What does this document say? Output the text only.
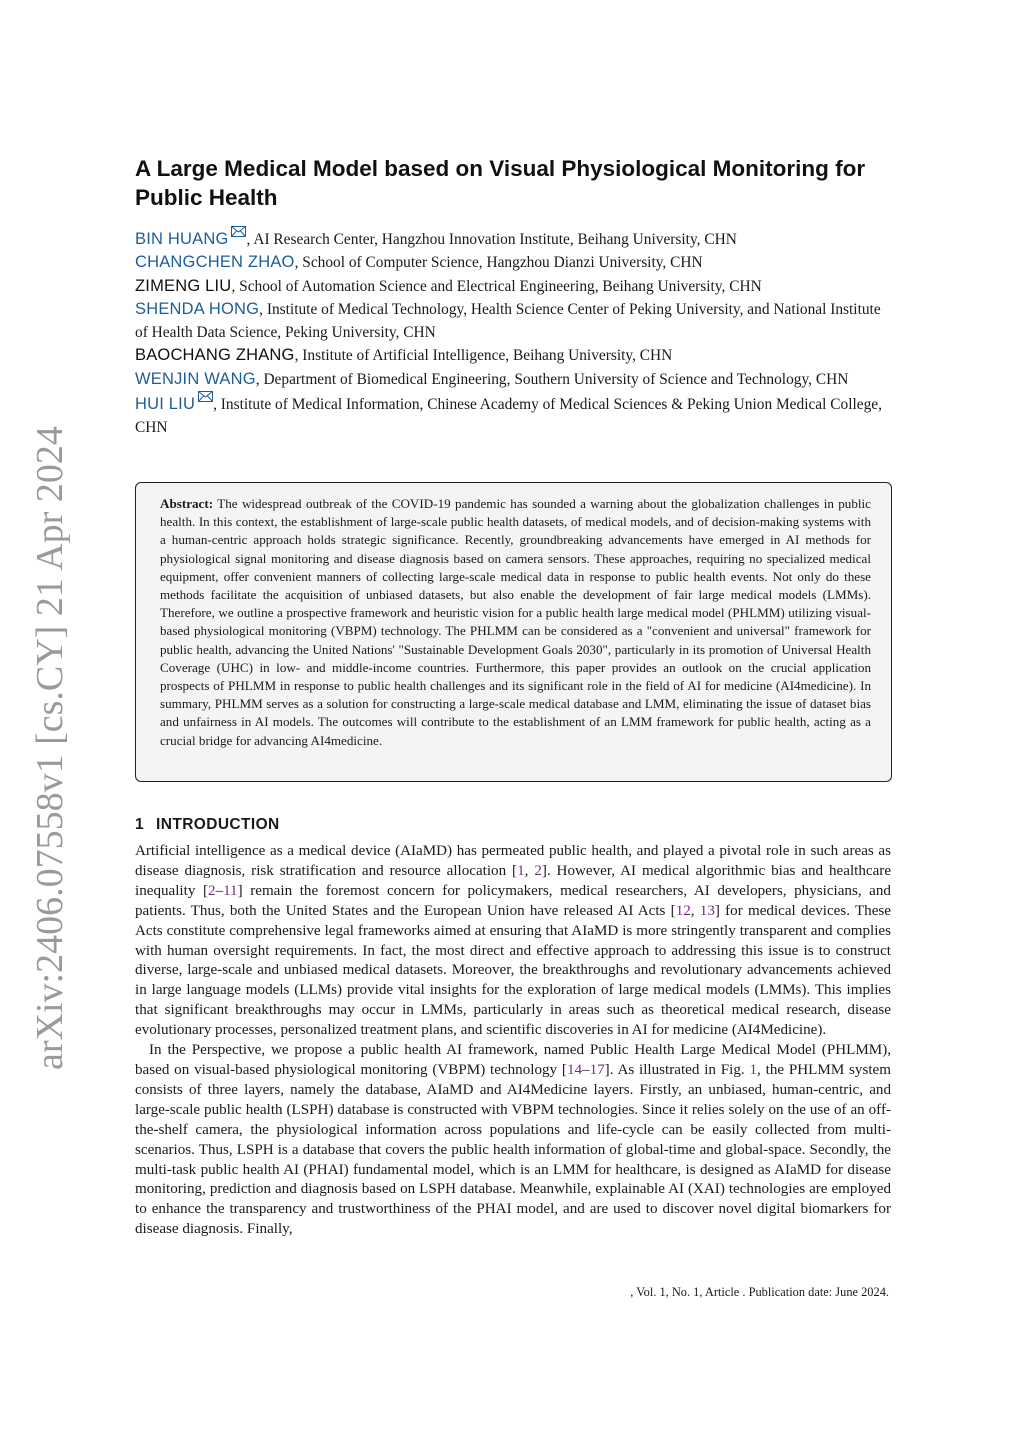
arXiv:2406.07558v1 [cs.CY] 21 Apr 2024
A Large Medical Model based on Visual Physiological Monitoring for Public Health

BIN HUANG , AI Research Center, Hangzhou Innovation Institute, Beihang University, CHN

CHANGCHEN ZHAO, School of Computer Science, Hangzhou Dianzi University, CHN

ZIMENG LIU, School of Automation Science and Electrical Engineering, Beihang University, CHN

SHENDA HONG, Institute of Medical Technology, Health Science Center of Peking University, and National Institute of Health Data Science, Peking University, CHN

BAOCHANG ZHANG, Institute of Artificial Intelligence, Beihang University, CHN

WENJIN WANG, Department of Biomedical Engineering, Southern University of Science and Technology, CHN

HUI LIU , Institute of Medical Information, Chinese Academy of Medical Sciences & Peking Union Medical College, CHN

Abstract: The widespread outbreak of the COVID-19 pandemic has sounded a warning about the globalization challenges in public health. In this context, the establishment of large-scale public health datasets, of medical models, and of decision-making systems with a human-centric approach holds strategic significance. Recently, groundbreaking advancements have emerged in AI methods for physiological signal monitoring and disease diagnosis based on camera sensors. These approaches, requiring no specialized medical equipment, offer convenient manners of collecting large-scale medical data in response to public health events. Not only do these methods facilitate the acquisition of unbiased datasets, but also enable the development of fair large medical models (LMMs). Therefore, we outline a prospective framework and heuristic vision for a public health large medical model (PHLMM) utilizing visual-based physiological monitoring (VBPM) technology. The PHLMM can be considered as a "convenient and universal" framework for public health, advancing the United Nations' "Sustainable Development Goals 2030", particularly in its promotion of Universal Health Coverage (UHC) in low- and middle-income countries. Furthermore, this paper provides an outlook on the crucial application prospects of PHLMM in response to public health challenges and its significant role in the field of AI for medicine (AI4medicine). In summary, PHLMM serves as a solution for constructing a large-scale medical database and LMM, eliminating the issue of dataset bias and unfairness in AI models. The outcomes will contribute to the establishment of an LMM framework for public health, acting as a crucial bridge for advancing AI4medicine.
1 INTRODUCTION

Artificial intelligence as a medical device (AIaMD) has permeated public health, and played a pivotal role in such areas as disease diagnosis, risk stratification and resource allocation [1, 2]. However, AI medical algorithmic bias and healthcare inequality [2–11] remain the foremost concern for policymakers, medical researchers, AI developers, physicians, and patients. Thus, both the United States and the European Union have released AI Acts [12, 13] for medical devices. These Acts constitute comprehensive legal frameworks aimed at ensuring that AIaMD is more stringently transparent and complies with human oversight requirements. In fact, the most direct and effective approach to addressing this issue is to construct diverse, large-scale and unbiased medical datasets. Moreover, the breakthroughs and revolutionary advancements achieved in large language models (LLMs) provide vital insights for the exploration of large medical models (LMMs). This implies that significant breakthroughs may occur in LMMs, particularly in areas such as theoretical medical research, disease evolutionary processes, personalized treatment plans, and scientific discoveries in AI for medicine (AI4Medicine).

In the Perspective, we propose a public health AI framework, named Public Health Large Medical Model (PHLMM), based on visual-based physiological monitoring (VBPM) technology [14–17]. As illustrated in Fig. 1, the PHLMM system consists of three layers, namely the database, AIaMD and AI4Medicine layers. Firstly, an unbiased, human-centric, and large-scale public health (LSPH) database is constructed with VBPM technologies. Since it relies solely on the use of an off-the-shelf camera, the physiological information across populations and life-cycle can be easily collected from multi-scenarios. Thus, LSPH is a database that covers the public health information of global-time and global-space. Secondly, the multi-task public health AI (PHAI) fundamental model, which is an LMM for healthcare, is designed as AIaMD for disease monitoring, prediction and diagnosis based on LSPH database. Meanwhile, explainable AI (XAI) technologies are employed to enhance the transparency and trustworthiness of the PHAI model, and are used to discover novel digital biomarkers for disease diagnosis. Finally,

, Vol. 1, No. 1, Article . Publication date: June 2024.
